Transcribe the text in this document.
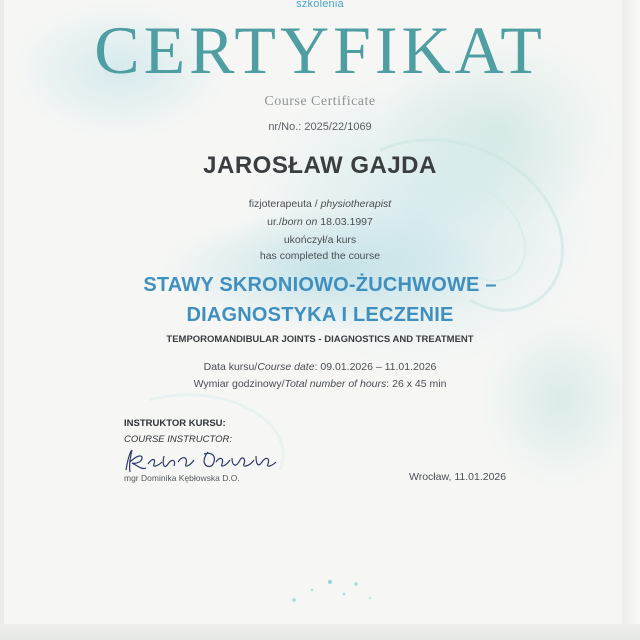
szkolenia
CERTYFIKAT
Course Certificate
nr/No.: 2025/22/1069
JAROSŁAW GAJDA
fizjoterapeuta / physiotherapist
ur./born on 18.03.1997
ukończył/a kurs
has completed the course
STAWY SKRONIOWO-ŻUCHWOWE –
DIAGNOSTYKA I LECZENIE
TEMPOROMANDIBULAR JOINTS - DIAGNOSTICS AND TREATMENT
Data kursu/Course date: 09.01.2026 – 11.01.2026
Wymiar godzinowy/Total number of hours: 26 x 45 min
INSTRUKTOR KURSU:
COURSE INSTRUCTOR:
mgr Dominika Kębłowska D.O.	Wrocław, 11.01.2026
